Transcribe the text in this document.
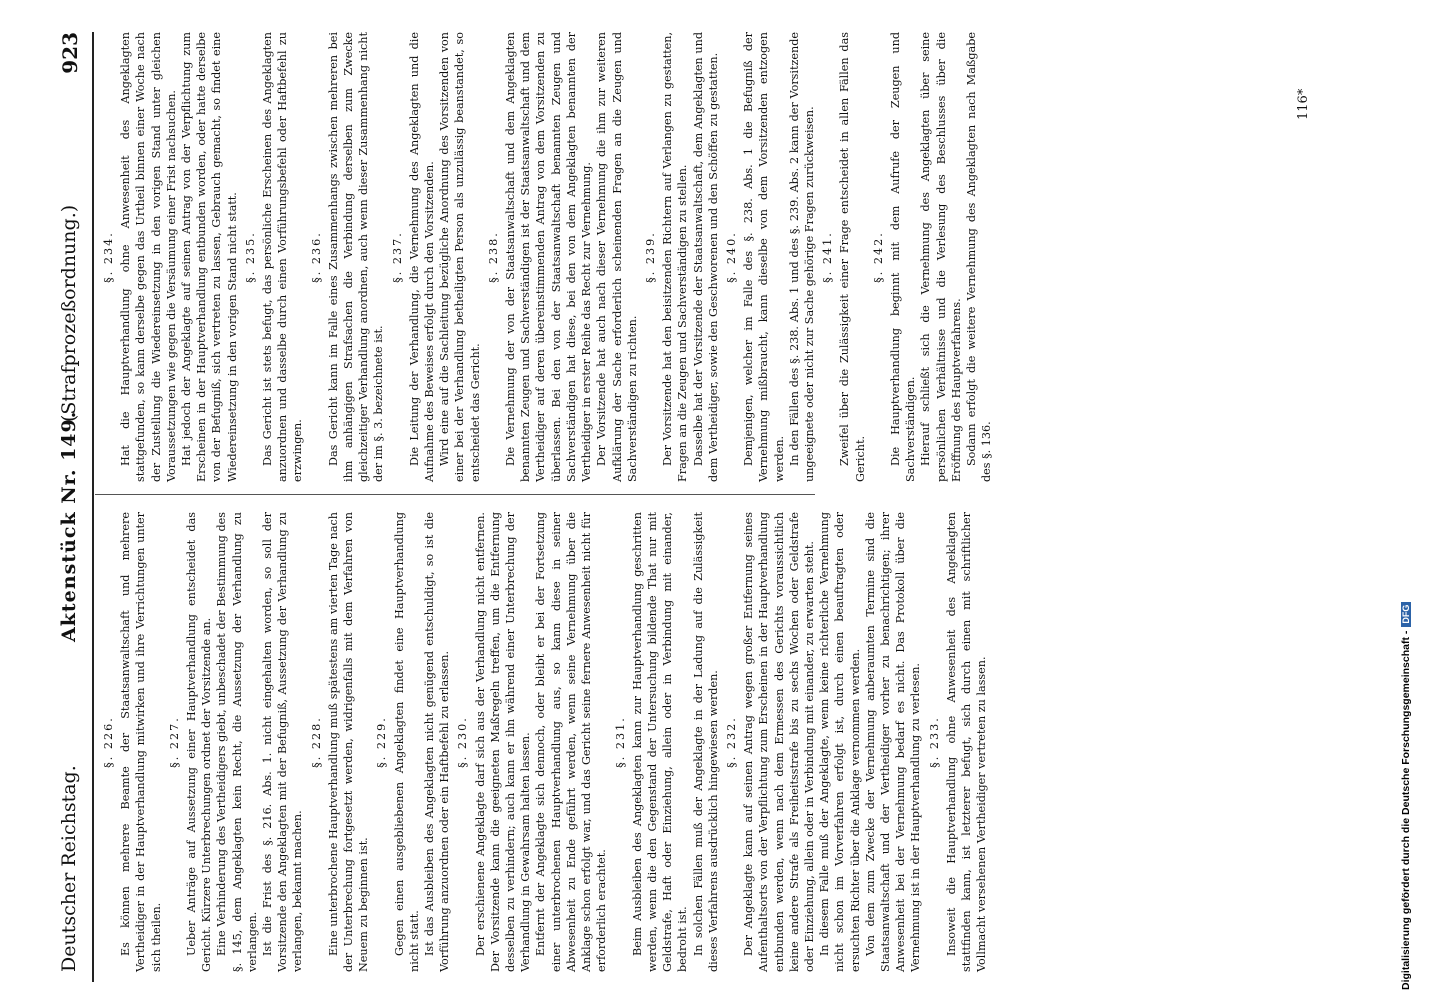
Deutscher Reichstag.
Aktenstück Nr. 149.
(Strafprozeßordnung.)
923

§. 226. Es können mehrere Beamte der Staatsanwaltschaft und mehrere Vertheidiger in der Hauptverhandlung mitwirken und ihre Verrichtungen unter sich theilen.

§. 227. Ueber Anträge auf Aussetzung einer Hauptverhandlung entscheidet das Gericht. Kürzere Unterbrechungen ordnet der Vorsitzende an. Eine Verhinderung des Vertheidigers giebt, unbeschadet der Bestimmung des §. 145, dem Angeklagten kein Recht, die Aussetzung der Verhandlung zu verlangen. Ist die Frist des §. 216. Abs. 1. nicht eingehalten worden, so soll der Vorsitzende den Angeklagten mit der Befugniß, Aussetzung der Verhandlung zu verlangen, bekannt machen.

§. 228. Eine unterbrochene Hauptverhandlung muß spätestens am vierten Tage nach der Unterbrechung fortgesetzt werden, widrigenfalls mit dem Verfahren von Neuem zu beginnen ist.

§. 229. Gegen einen ausgebliebenen Angeklagten findet eine Hauptverhandlung nicht statt. Ist das Ausbleiben des Angeklagten nicht genügend entschuldigt, so ist die Vorführung anzuordnen oder ein Haftbefehl zu erlassen. §. 230. Der erschienene Angeklagte darf sich aus der Verhandlung nicht entfernen. Der Vorsitzende kann die geeigneten Maßregeln treffen, um die Entfernung desselben zu verhindern; auch kann er ihn während einer Unterbrechung der Verhandlung in Gewahrsam halten lassen. Entfernt der Angeklagte sich dennoch, oder bleibt er bei der Fortsetzung einer unterbrochenen Hauptverhandlung aus, so kann diese in seiner Abwesenheit zu Ende geführt werden, wenn seine Vernehmung über die Anklage schon erfolgt war, und das Gericht seine fernere Anwesenheit nicht für erforderlich erachtet.

§. 231. Beim Ausbleiben des Angeklagten kann zur Hauptverhandlung geschritten werden, wenn die den Gegenstand der Untersuchung bildende That nur mit Geldstrafe, Haft oder Einziehung, allein oder in Verbindung mit einander, bedroht ist. In solchen Fällen muß der Angeklagte in der Ladung auf die Zulässigkeit dieses Verfahrens ausdrücklich hingewiesen werden. §. 232. Der Angeklagte kann auf seinen Antrag wegen großer Entfernung seines Aufenthaltsorts von der Verpflichtung zum Erscheinen in der Hauptverhandlung entbunden werden, wenn nach dem Ermessen des Gerichts voraussichtlich keine andere Strafe als Freiheitsstrafe bis zu sechs Wochen oder Geldstrafe oder Einziehung, allein oder in Verbindung mit einander, zu erwarten steht. In diesem Falle muß der Angeklagte, wenn keine richterliche Vernehmung nicht schon im Vorverfahren erfolgt ist, durch einen beauftragten oder ersuchten Richter über die Anklage vernommen werden. Von dem zum Zwecke der Vernehmung anberaumten Termine sind die Staatsanwaltschaft und der Vertheidiger vorher zu benachrichtigen; ihrer Anwesenheit bei der Vernehmung bedarf es nicht. Das Protokoll über die Vernehmung ist in der Hauptverhandlung zu verlesen. §. 233. Insoweit die Hauptverhandlung ohne Anwesenheit des Angeklagten stattfinden kann, ist letzterer befugt, sich durch einen mit schriftlicher Vollmacht versehenen Vertheidiger vertreten zu lassen.

§. 234. Hat die Hauptverhandlung ohne Anwesenheit des Angeklagten stattgefunden, so kann derselbe gegen das Urtheil binnen einer Woche nach der Zustellung die Wiedereinsetzung in den vorigen Stand unter gleichen Voraussetzungen wie gegen die Versäumung einer Frist nachsuchen. Hat jedoch der Angeklagte auf seinen Antrag von der Verpflichtung zum Erscheinen in der Hauptverhandlung entbunden worden, oder hatte derselbe von der Befugniß, sich vertreten zu lassen, Gebrauch gemacht, so findet eine Wiedereinsetzung in den vorigen Stand nicht statt. §. 235. Das Gericht ist stets befugt, das persönliche Erscheinen des Angeklagten anzuordnen und dasselbe durch einen Vorführungsbefehl oder Haftbefehl zu erzwingen.

§. 236. Das Gericht kann im Falle eines Zusammenhangs zwischen mehreren bei ihm anhängigen Strafsachen die Verbindung derselben zum Zwecke gleichzeitiger Verhandlung anordnen, auch wenn dieser Zusammenhang nicht der im §. 3. bezeichnete ist.

§. 237. Die Leitung der Verhandlung, die Vernehmung des Angeklagten und die Aufnahme des Beweises erfolgt durch den Vorsitzenden. Wird eine auf die Sachleitung bezügliche Anordnung des Vorsitzenden von einer bei der Verhandlung betheiligten Person als unzulässig beanstandet, so entscheidet das Gericht.

§. 238. Die Vernehmung der von der Staatsanwaltschaft und dem Angeklagten benannten Zeugen und Sachverständigen ist der Staatsanwaltschaft und dem Vertheidiger auf deren übereinstimmenden Antrag von dem Vorsitzenden zu überlassen. Bei den von der Staatsanwaltschaft benannten Zeugen und Sachverständigen hat diese, bei den von dem Angeklagten benannten der Vertheidiger in erster Reihe das Recht zur Vernehmung. Der Vorsitzende hat auch nach dieser Vernehmung die ihm zur weiteren Aufklärung der Sache erforderlich scheinenden Fragen an die Zeugen und Sachverständigen zu richten.

§. 239. Der Vorsitzende hat den beisitzenden Richtern auf Verlangen zu gestatten, Fragen an die Zeugen und Sachverständigen zu stellen. Dasselbe hat der Vorsitzende der Staatsanwaltschaft, dem Angeklagten und dem Vertheidiger, sowie den Geschworenen und den Schöffen zu gestatten. §. 240. Demjenigen, welcher im Falle des §. 238. Abs. 1 die Befugniß der Vernehmung mißbraucht, kann dieselbe von dem Vorsitzenden entzogen werden. In den Fällen des §. 238. Abs. 1 und des §. 239. Abs. 2 kann der Vorsitzende ungeeignete oder nicht zur Sache gehörige Fragen zurückweisen. §. 241. Zweifel über die Zulässigkeit einer Frage entscheidet in allen Fällen das Gericht.

§. 242. Die Hauptverhandlung beginnt mit dem Aufrufe der Zeugen und Sachverständigen. Hierauf schließt sich die Vernehmung des Angeklagten über seine persönlichen Verhältnisse und die Verlesung des Beschlusses über die Eröffnung des Hauptverfahrens. Sodann erfolgt die weitere Vernehmung des Angeklagten nach Maßgabe des §. 136.

116*
Digitalisierung gefördert durch die Deutsche Forschungsgemeinschaft -DFG
